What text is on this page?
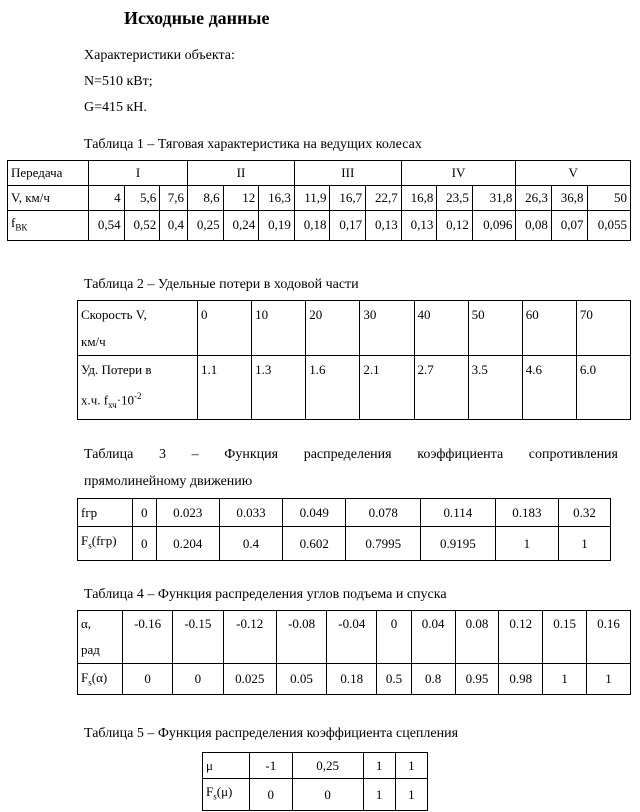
Исходные данные
Характеристики объекта:
N=510 кВт;
G=415 кН.
Таблица 1 – Тяговая характеристика на ведущих колесах
Передача	I			II			III			IV			V		
V, км/ч	4	5,6	7,6	8,6	12	16,3	11,9	16,7	22,7	16,8	23,5	31,8	26,3	36,8	50
$f_{ВК}$	0,54	0,52	0,4	0,25	0,24	0,19	0,18	0,17	0,13	0,13	0,12	0,096	0,08	0,07	0,055
Таблица 2 – Удельные потери в ходовой части
Скорость V,
км/ч	0	10	20	30	40	50	60	70
Уд. Потери в
х.ч. $f_{хч}\cdot 10^{-2}$	1.1	1.3	1.6	2.1	2.7	3.5	4.6	6.0
Таблица 3 – Функция распределения коэффициента сопротивления
прямолинейному движению
fгр	0	0.023	0.033	0.049	0.078	0.114	0.183	0.32
$F_s(fгр)$	0	0.204	0.4	0.602	0.7995	0.9195	1	1
Таблица 4 – Функция распределения углов подъема и спуска
α,
рад	-0.16	-0.15	-0.12	-0.08	-0.04	0	0.04	0.08	0.12	0.15	0.16
$F_s(\alpha)$	0	0	0.025	0.05	0.18	0.5	0.8	0.95	0.98	1	1
Таблица 5 – Функция распределения коэффициента сцепления
μ	-1	0,25	1	1
$F_s(\mu)$	0	0	1	1
